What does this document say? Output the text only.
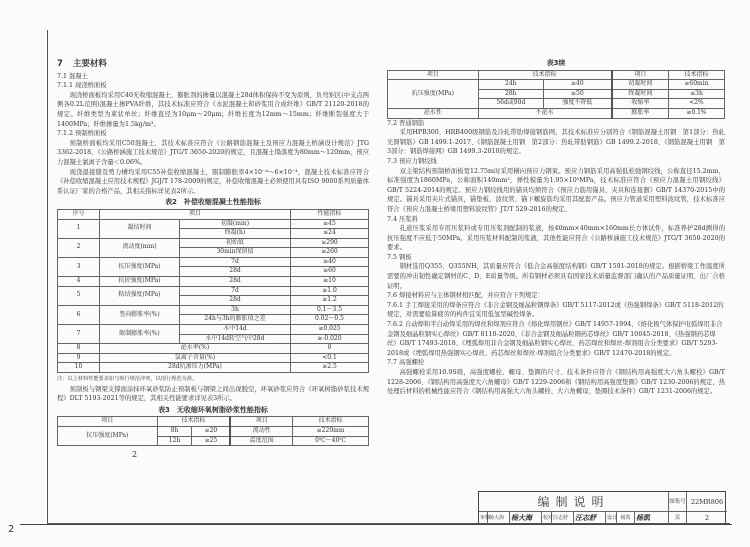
7 主要材料
7.1 混凝土
7.1.1 现浇桥面板

现浇桥面板均采用C40无收缩混凝土，膨胀剂的掺量以混凝土28d体积保持不变为原则，负弯矩区(中支点两侧各0.2L范围)混凝土掺PVA纤维，其技术标准应符合《水泥混凝土和砂浆用合成纤维》GB/T 21120-2018的规定。纤维类型为束状单丝；纤维直径为10μm～20μm；纤维长度为12mm～15mm；纤维断裂强度大于1400MPa；纤维掺量为1.5kg/m³。

7.1.2 预制桥面板

预制桥面板均采用C50混凝土，其技术标准应符合《公路钢筋混凝土及预应力混凝土桥涵设计规范》JTG 3362-2018、《公路桥涵施工技术规范》JTG/T 3650-2020的规定，且混凝土塌落度为80mm～120mm，预应力混凝土氯离子含量＜0.06%。

现浇湿接缝及剪力槽均采用C55补偿收缩混凝土，限制膨胀率4×10⁻⁴～6×10⁻⁴，混凝土技术标准应符合《补偿收缩混凝土应用技术规程》JGJ/T 178-2009的规定，补偿收缩混凝土必须使用具有ISO 9000系列质量体系认证厂家的合格产品，其相关指标详见表2所示。

表2　补偿收缩混凝土性能指标
序号	项目		性能指标
1	凝结时间	初凝(min)	≥45
		终凝(h)	≤24
2	流动度(mm)	初始值	≥290
		30min保留值	≥260
3	抗压强度(MPa)	7d	≥40
		28d	≥60
4	抗折强度(MPa)	28d	≥10
5	粘结强度(MPa)	7d	≥1.0
		28d	≥1.2
6	竖向膨胀率(%)	3h	0.1～3.5
		24h与3h的膨胀值之差	0.02～0.5
7	限制膨胀率(%)	水中14d	≥0.025
		水中14d转空气中28d	≥-0.020
8	泌水率(%)		0
9	氯离子含量(%)		<0.1
10	28d抗渗压力(MPa)		≥2.5
注：以上材料性能要求如与现行规范冲突，以现行规范为准。

预制板与钢梁支撑面涂抹环氧砂浆防止预制板与钢梁之间出现脱空，环氧砂浆应符合《环氧树脂砂浆技术规程》DLT 5193-2021等的规定，其相关性能要求详见表3所示。

表3　无收缩环氧树脂砂浆性能指标
项目	技术指标		项目	技术指标
抗压强度(MPa)	8h	≥20	流动性	≥220mm
	12h	≥25	温度范围	0℃～40℃
表3续
项目	技术指标		项目	技术指标
抗压强度(MPa)	24h	≥40	初凝时间	≥60min
	28h	≥50	终凝时间	≤3h
	56d或90d	强度不降低	收缩率	<2%
泌水性	不泌水		膨胀率	≥0.1%
7.2 普通钢筋

采用HPB300、HRB400级钢筋及冷轧带肋焊接钢筋网，其技术标准应分别符合《钢筋混凝土用钢　第1部分：热轧光圆钢筋》GB 1499.1-2017、《钢筋混凝土用钢　第2部分：热轧带肋钢筋》GB 1499.2-2018、《钢筋混凝土用钢　第3部分：钢筋焊接网》GB 1499.3-2010的规定。

7.3 预应力钢绞线

双主梁结构预制桥面板宽12.75m时采用横向预应力钢束。预应力钢筋采用高强低松弛钢绞线，公称直径15.2mm，标准强度为1860MPa，公称面积140mm²，弹性模量为1.95×10⁵MPa，技术标准应符合《预应力混凝土用钢绞线》GB/T 5224-2014的规定。预应力钢绞线用的锚具均须符合《预应力筋用锚具、夹具和连接器》GB/T 14370-2015中的规定。锚具采用夹片式锚具，锚垫板、波纹管、锚下螺旋筋均采用其配套产品。预应力管道采用塑料波纹管，技术标准应符合《预应力混凝土桥梁用塑料波纹管》JT/T 529-2016的规定。

7.4 压浆料

孔道压浆采用专用压浆料或专用压浆剂配制的浆液，按40mm×40mm×160mm长方体试件，标准养护28d测得的抗压强度不应低于50MPa。采用压浆材料配制的浆液，其他性能应符合《公路桥涵施工技术规范》JTG/T 3650-2020的要求。

7.5 钢板

钢材选用Q355、Q355NH，其质量应符合《低合金高强度结构钢》GB/T 1591-2018的规定。根据桥梁工作温度所需要的冲击韧性确定钢材的C、D、E质量等级。所有钢材必须具有国家技术质量监督部门确认的产品质量证明、出厂合格证明。

7.6 焊接材料应与主体钢材相匹配，并应符合下列规定：
7.6.1 手工焊接采用的焊条应符合《非合金钢及细晶粒钢焊条》GB/T 5117-2012或《热强钢焊条》GB/T 5118-2012的规定，对需要验算疲劳的构件宜采用低氢型碱性焊条。
7.6.2 自动焊和半自动焊采用的焊丝和焊剂应符合《熔化焊用钢丝》GB/T 14957-1994、《熔化极气体保护电弧焊用非合金钢及细晶粒钢实心焊丝》GB/T 8110-2020、《非合金钢及细晶粒钢药芯焊丝》GB/T 10045-2018、《热强钢药芯焊丝》GB/T 17493-2018、《埋弧焊用非合金钢及细晶粒钢实心焊丝、药芯焊丝和焊丝-焊剂组合分类要求》GB/T 5293-2018或《埋弧焊用热强钢实心焊丝、药芯焊丝和焊丝-焊剂组合分类要求》GB/T 12470-2018的规定。
7.7 高强螺栓

高强螺栓采用10.9S级，高强度螺栓、螺母、垫圈的尺寸、技术条件应符合《钢结构用高强度大六角头螺栓》GB/T 1228-2006、《钢结构用高强度大六角螺母》GB/T 1229-2006和《钢结构用高强度垫圈》GB/T 1230-2006的规定，热处理后材料的机械性能应符合《钢结构用高强大六角头螺栓、大六角螺母、垫圈技术条件》GB/T 1231-2006的规定。

2
编制说明	图集号 22MR806
审核
杨大海 杨大海	校对 汪志舒 汪志舒	设计 杨凯 杨凯	页	2
2
